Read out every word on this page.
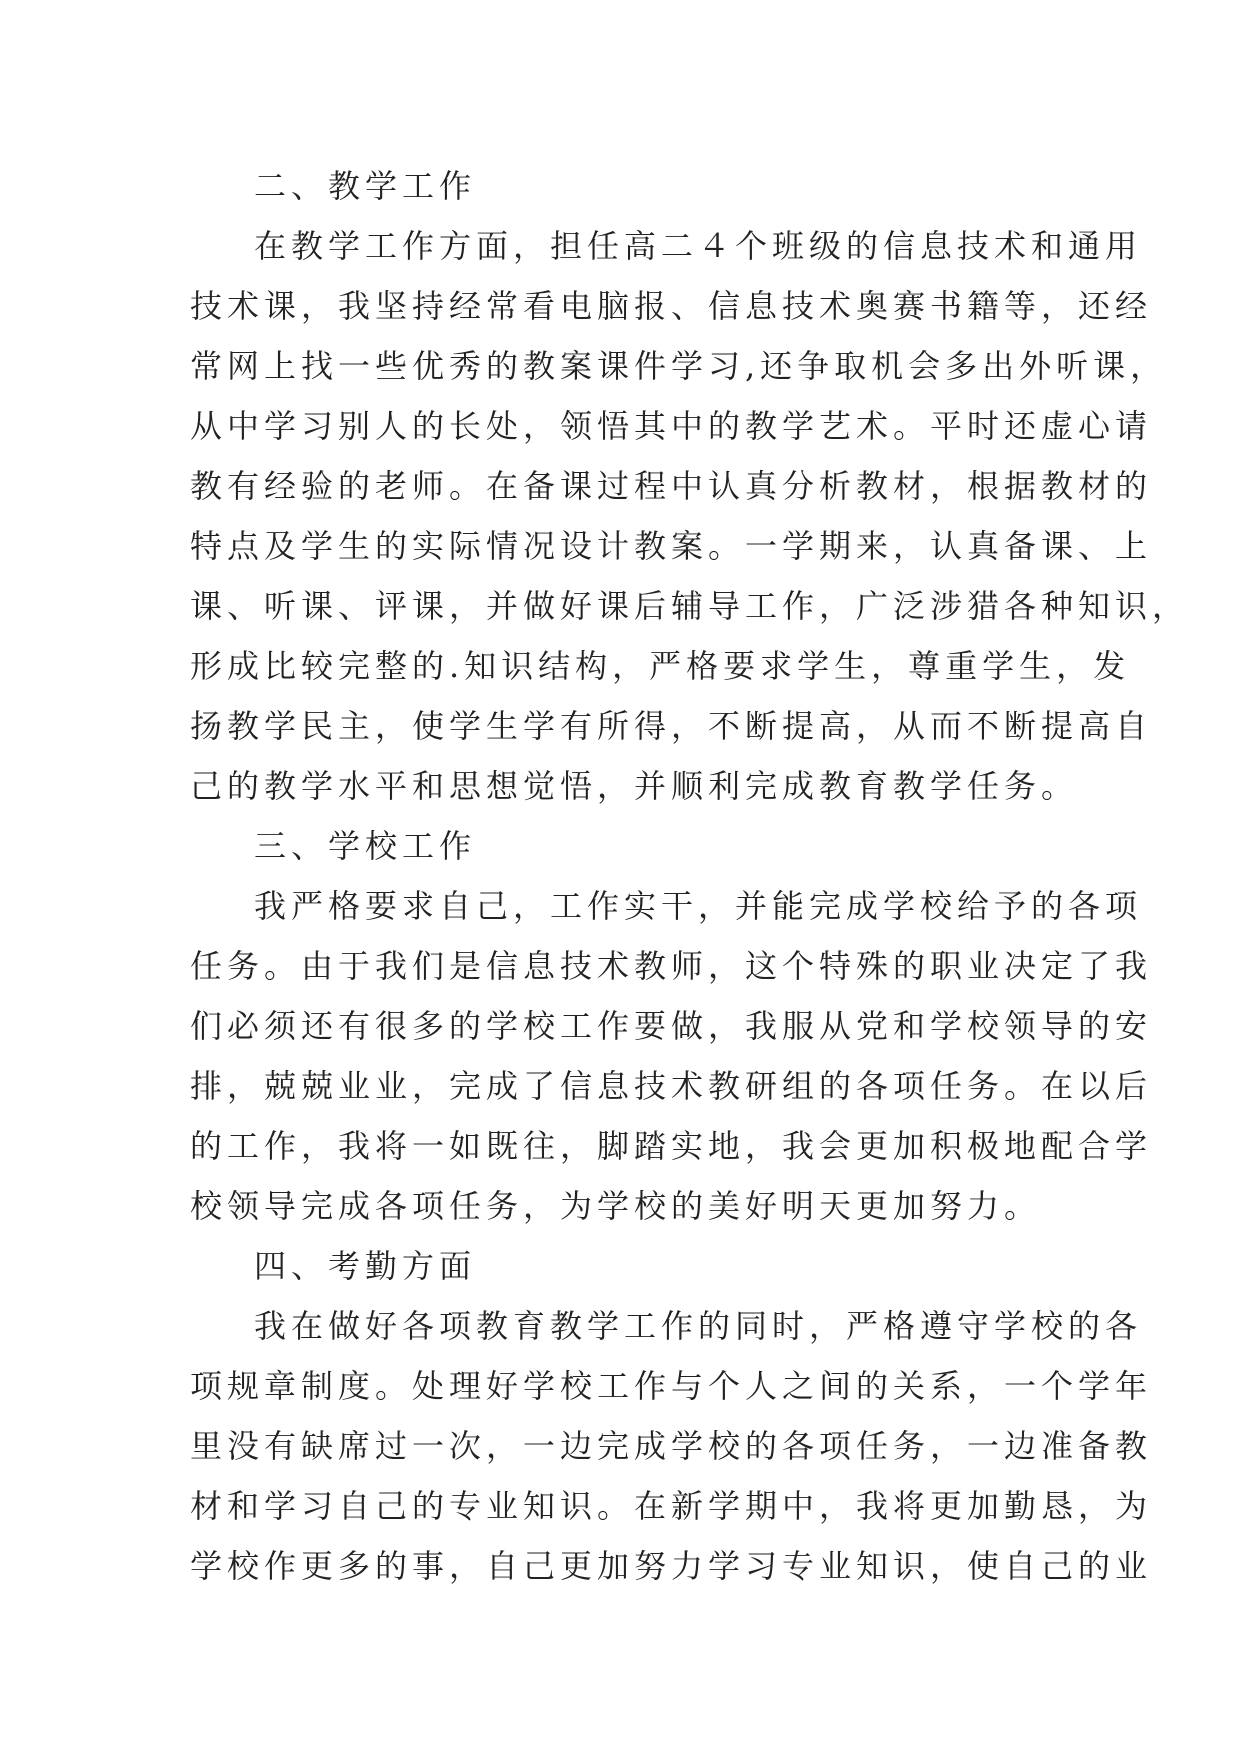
二、教学工作
在教学工作方面，担任高二４个班级的信息技术和通用
技术课，我坚持经常看电脑报、信息技术奥赛书籍等，还经
常网上找一些优秀的教案课件学习,还争取机会多出外听课，
从中学习别人的长处，领悟其中的教学艺术。平时还虚心请
教有经验的老师。在备课过程中认真分析教材，根据教材的
特点及学生的实际情况设计教案。一学期来，认真备课、上
课、听课、评课，并做好课后辅导工作，广泛涉猎各种知识，
形成比较完整的.知识结构，严格要求学生，尊重学生，发
扬教学民主，使学生学有所得，不断提高，从而不断提高自
己的教学水平和思想觉悟，并顺利完成教育教学任务。
三、学校工作
我严格要求自己，工作实干，并能完成学校给予的各项
任务。由于我们是信息技术教师，这个特殊的职业决定了我
们必须还有很多的学校工作要做，我服从党和学校领导的安
排，兢兢业业，完成了信息技术教研组的各项任务。在以后
的工作，我将一如既往，脚踏实地，我会更加积极地配合学
校领导完成各项任务，为学校的美好明天更加努力。
四、考勤方面
我在做好各项教育教学工作的同时，严格遵守学校的各
项规章制度。处理好学校工作与个人之间的关系，一个学年
里没有缺席过一次，一边完成学校的各项任务，一边准备教
材和学习自己的专业知识。在新学期中，我将更加勤恳，为
学校作更多的事，自己更加努力学习专业知识，使自己的业
